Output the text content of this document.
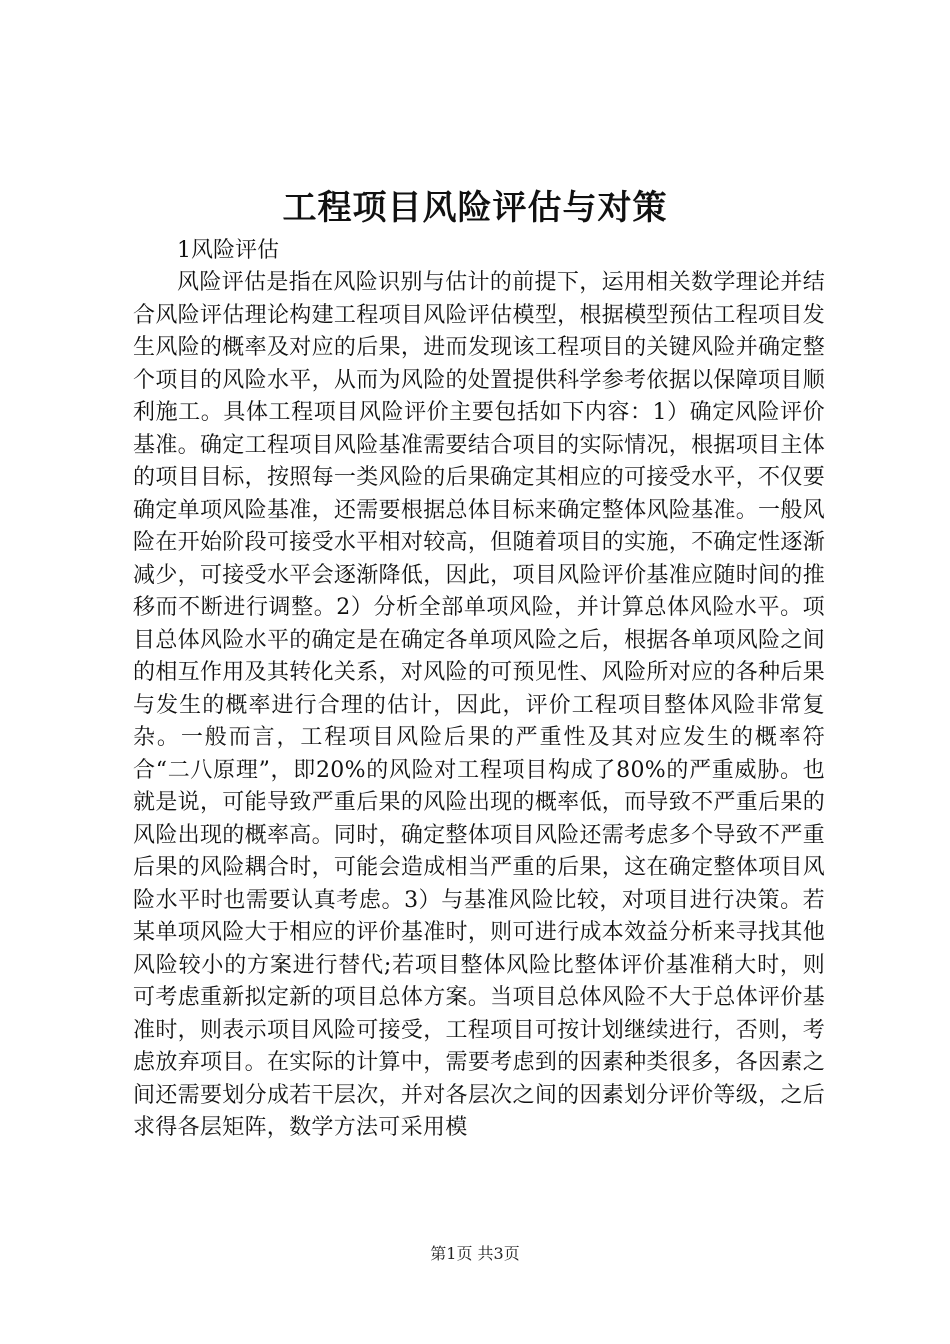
工程项目风险评估与对策
1风险评估

风险评估是指在风险识别与估计的前提下，运用相关数学理论并结合风险评估理论构建工程项目风险评估模型，根据模型预估工程项目发生风险的概率及对应的后果，进而发现该工程项目的关键风险并确定整个项目的风险水平，从而为风险的处置提供科学参考依据以保障项目顺利施工。具体工程项目风险评价主要包括如下内容：1）确定风险评价基准。确定工程项目风险基准需要结合项目的实际情况，根据项目主体的项目目标，按照每一类风险的后果确定其相应的可接受水平，不仅要确定单项风险基准，还需要根据总体目标来确定整体风险基准。一般风险在开始阶段可接受水平相对较高，但随着项目的实施，不确定性逐渐减少，可接受水平会逐渐降低，因此，项目风险评价基准应随时间的推移而不断进行调整。2）分析全部单项风险，并计算总体风险水平。项目总体风险水平的确定是在确定各单项风险之后，根据各单项风险之间的相互作用及其转化关系，对风险的可预见性、风险所对应的各种后果与发生的概率进行合理的估计，因此，评价工程项目整体风险非常复杂。一般而言，工程项目风险后果的严重性及其对应发生的概率符合“二八原理”，即20%的风险对工程项目构成了80%的严重威胁。也就是说，可能导致严重后果的风险出现的概率低，而导致不严重后果的风险出现的概率高。同时，确定整体项目风险还需考虑多个导致不严重后果的风险耦合时，可能会造成相当严重的后果，这在确定整体项目风险水平时也需要认真考虑。3）与基准风险比较，对项目进行决策。若某单项风险大于相应的评价基准时，则可进行成本效益分析来寻找其他风险较小的方案进行替代;若项目整体风险比整体评价基准稍大时，则可考虑重新拟定新的项目总体方案。当项目总体风险不大于总体评价基准时，则表示项目风险可接受，工程项目可按计划继续进行，否则，考虑放弃项目。在实际的计算中，需要考虑到的因素种类很多，各因素之间还需要划分成若干层次，并对各层次之间的因素划分评价等级，之后求得各层矩阵，数学方法可采用模

第1页 共3页
